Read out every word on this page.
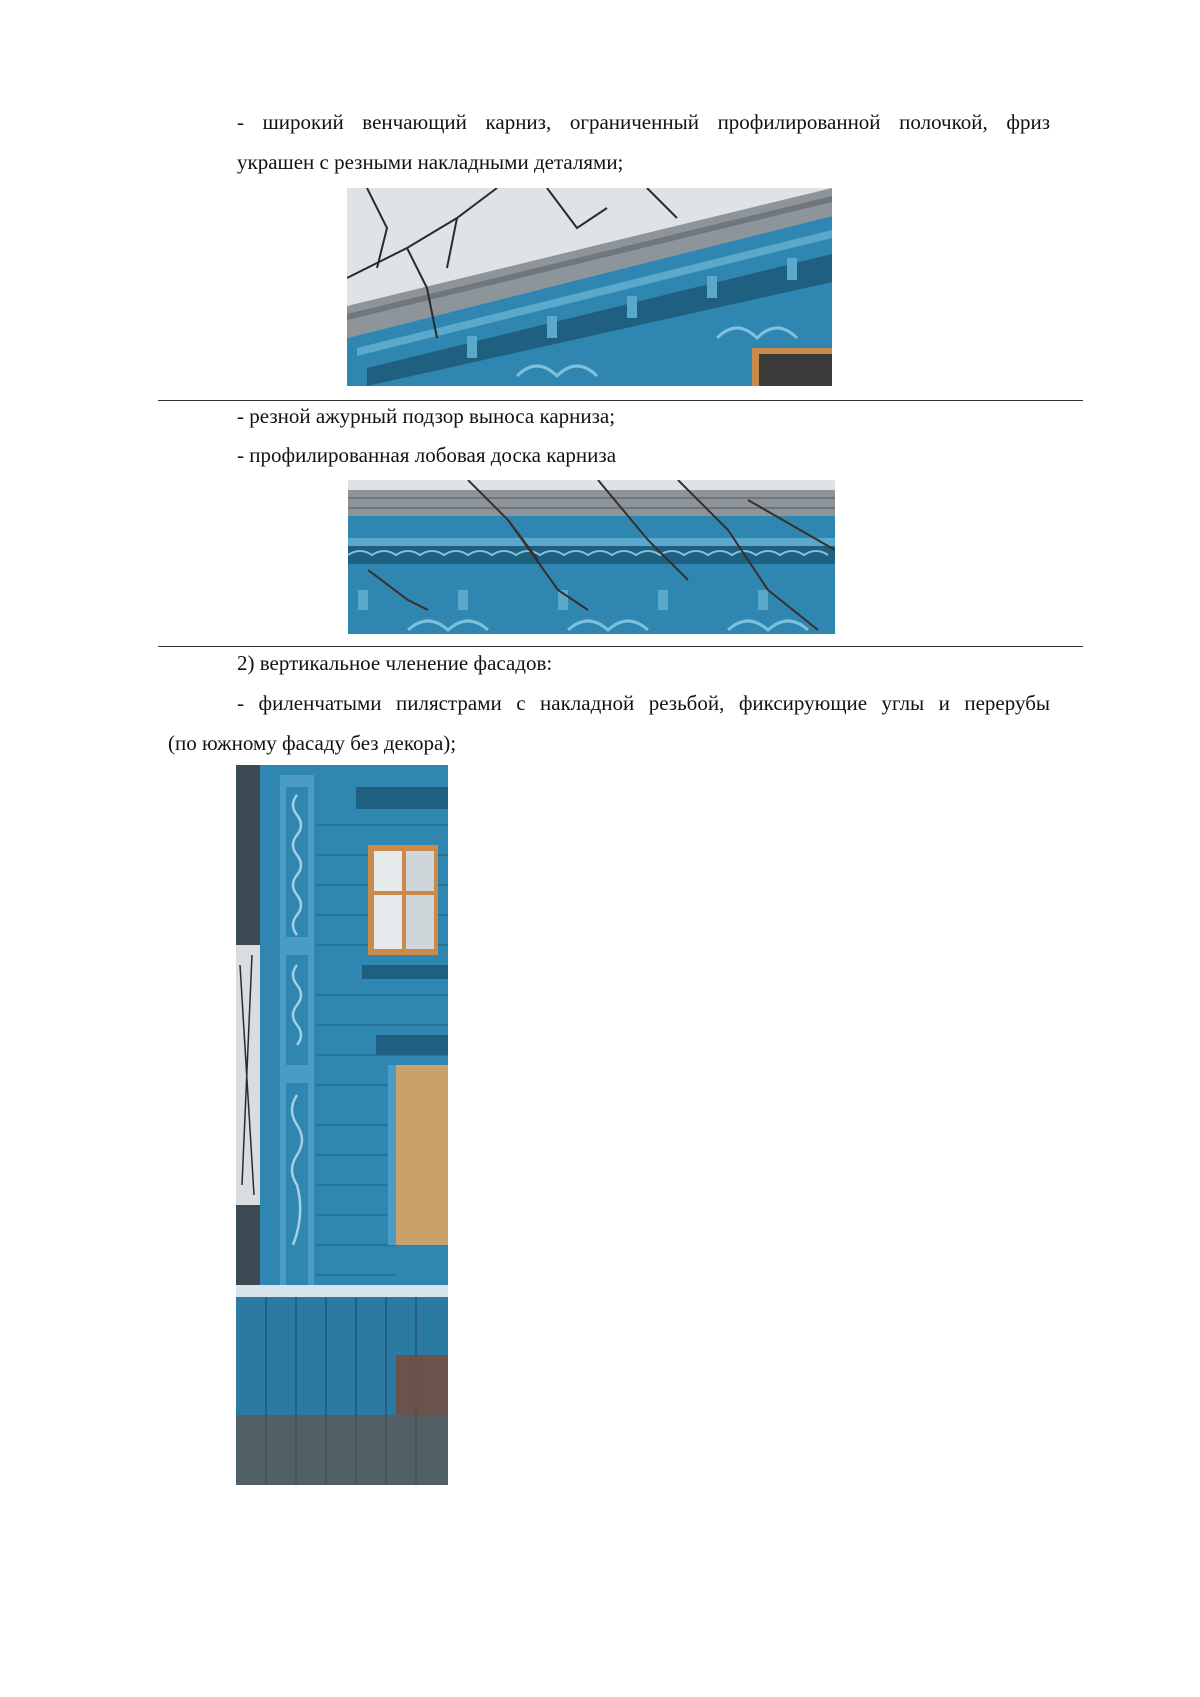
- широкий венчающий карниз, ограниченный профилированной полочкой, фриз
украшен с резными накладными деталями;
- резной ажурный подзор выноса карниза;
- профилированная лобовая доска карниза
2) вертикальное членение фасадов:
- филенчатыми пилястрами с накладной резьбой, фиксирующие углы и перерубы
(по южному фасаду без декора);
